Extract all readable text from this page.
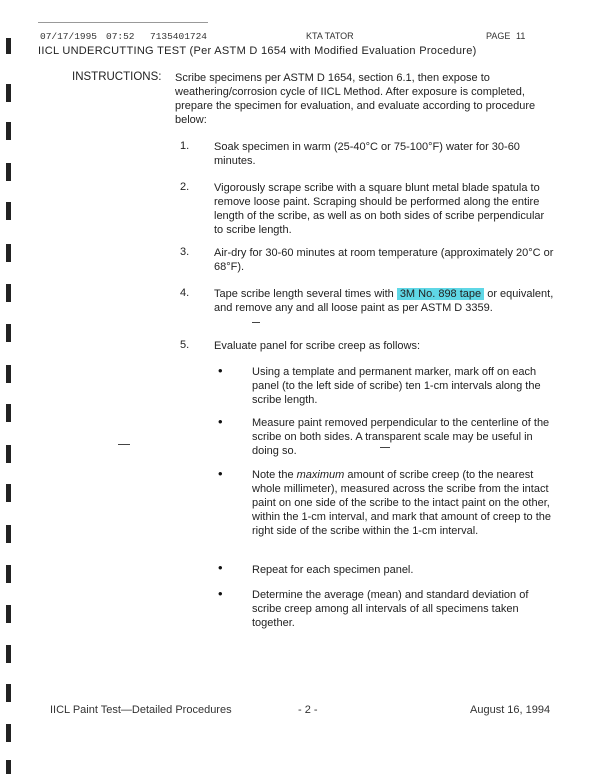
07/17/1995 07:52 7135401724	KTA TATOR	PAGE 11
IICL UNDERCUTTING TEST (Per ASTM D 1654 with Modified Evaluation Procedure)
INSTRUCTIONS: Scribe specimens per ASTM D 1654, section 6.1, then expose to weathering/corrosion cycle of IICL Method. After exposure is completed, prepare the specimen for evaluation, and evaluate according to procedure below:
1. Soak specimen in warm (25-40°C or 75-100°F) water for 30-60 minutes.
2. Vigorously scrape scribe with a square blunt metal blade spatula to remove loose paint. Scraping should be performed along the entire length of the scribe, as well as on both sides of scribe perpendicular to scribe length.
3. Air-dry for 30-60 minutes at room temperature (approximately 20°C or 68°F).
4. Tape scribe length several times with 3M No. 898 tape or equivalent, and remove any and all loose paint as per ASTM D 3359.
5. Evaluate panel for scribe creep as follows:
•	Using a template and permanent marker, mark off on each panel (to the left side of scribe) ten 1-cm intervals along the scribe length.
•	Measure paint removed perpendicular to the centerline of the scribe on both sides. A transparent scale may be useful in doing so.
•	Note the maximum amount of scribe creep (to the nearest whole millimeter), measured across the scribe from the intact paint on one side of the scribe to the intact paint on the other, within the 1-cm interval, and mark that amount of creep to the right side of the scribe within the 1-cm interval.
•	Repeat for each specimen panel.
•	Determine the average (mean) and standard deviation of scribe creep among all intervals of all specimens taken together.
IICL Paint Test—Detailed Procedures	- 2 -	August 16, 1994
